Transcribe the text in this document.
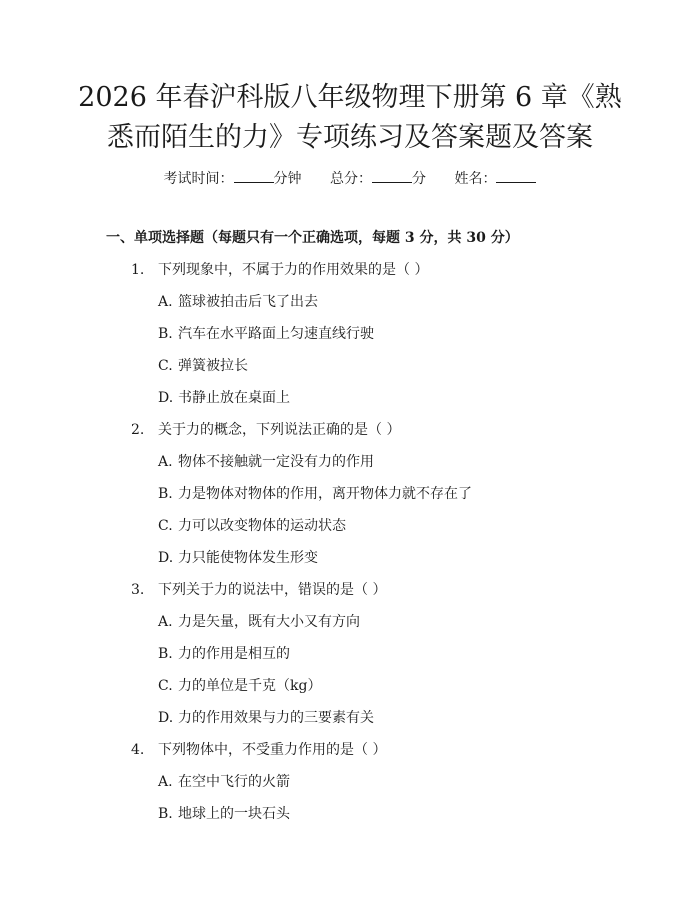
2026 年春沪科版八年级物理下册第 6 章《熟
悉而陌生的力》专项练习及答案题及答案
考试时间：	分钟 总分：	分 姓名：
一、单项选择题（每题只有一个正确选项，每题 3 分，共 30 分）
1. 下列现象中，不属于力的作用效果的是（ ）
A. 篮球被拍击后飞了出去
B. 汽车在水平路面上匀速直线行驶
C. 弹簧被拉长
D. 书静止放在桌面上
2. 关于力的概念，下列说法正确的是（ ）
A. 物体不接触就一定没有力的作用
B. 力是物体对物体的作用，离开物体力就不存在了
C. 力可以改变物体的运动状态
D. 力只能使物体发生形变
3. 下列关于力的说法中，错误的是（ ）
A. 力是矢量，既有大小又有方向
B. 力的作用是相互的
C. 力的单位是千克（kg）
D. 力的作用效果与力的三要素有关
4. 下列物体中，不受重力作用的是（ ）
A. 在空中飞行的火箭
B. 地球上的一块石头
